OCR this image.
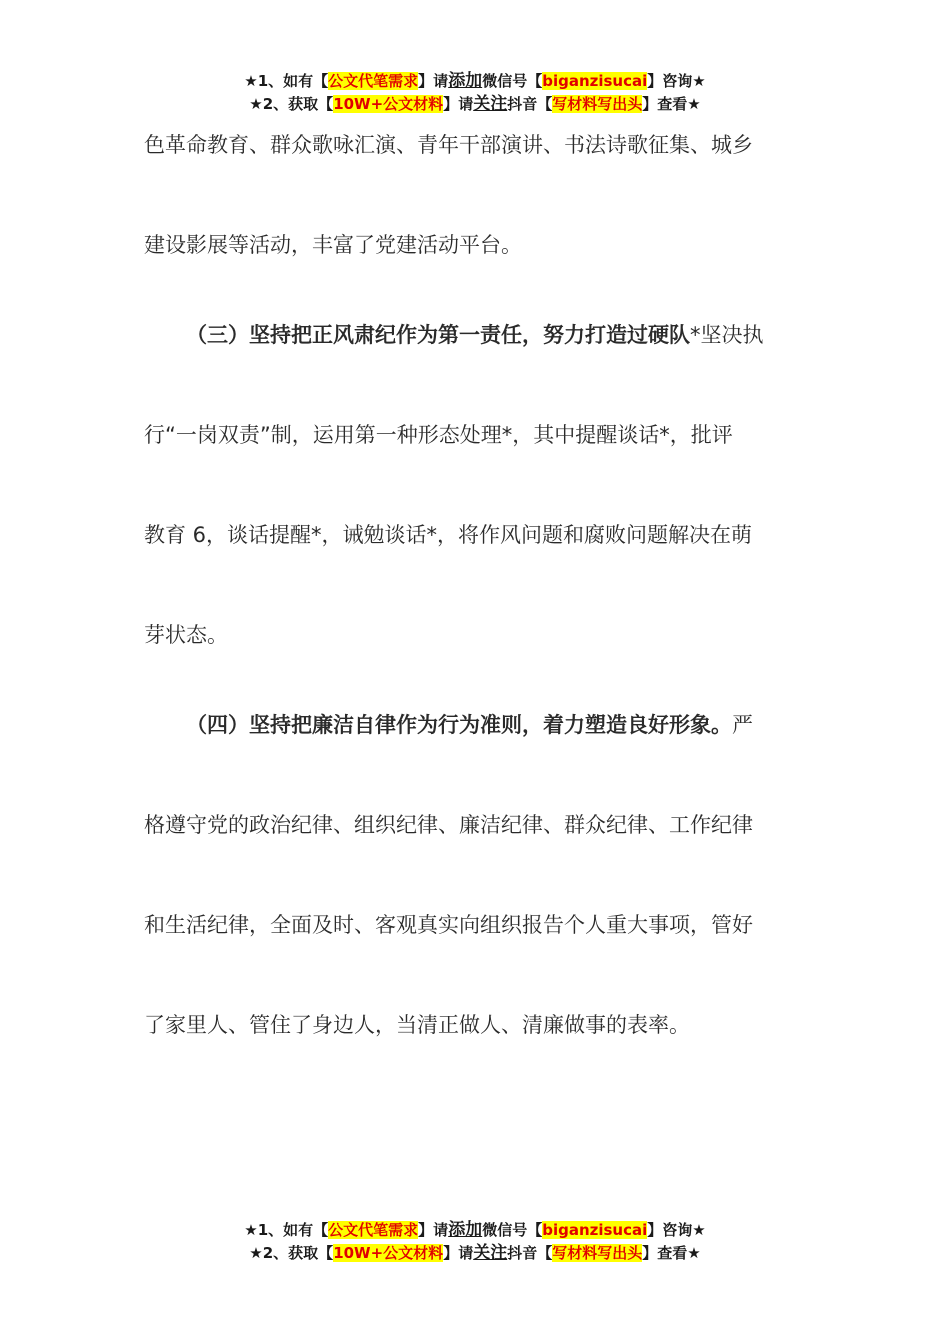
★1、如有【公文代笔需求】请添加微信号【biganzisucai】咨询★
★2、获取【10W+公文材料】请关注抖音【写材料写出头】查看★
色革命教育、群众歌咏汇演、青年干部演讲、书法诗歌征集、城乡
建设影展等活动，丰富了党建活动平台。
（三）坚持把正风肃纪作为第一责任，努力打造过硬队*坚决执
行“一岗双责”制，运用第一种形态处理*，其中提醒谈话*，批评
教育 6，谈话提醒*，诫勉谈话*，将作风问题和腐败问题解决在萌
芽状态。
（四）坚持把廉洁自律作为行为准则，着力塑造良好形象。严
格遵守党的政治纪律、组织纪律、廉洁纪律、群众纪律、工作纪律
和生活纪律，全面及时、客观真实向组织报告个人重大事项，管好
了家里人、管住了身边人，当清正做人、清廉做事的表率。
★1、如有【公文代笔需求】请添加微信号【biganzisucai】咨询★
★2、获取【10W+公文材料】请关注抖音【写材料写出头】查看★
